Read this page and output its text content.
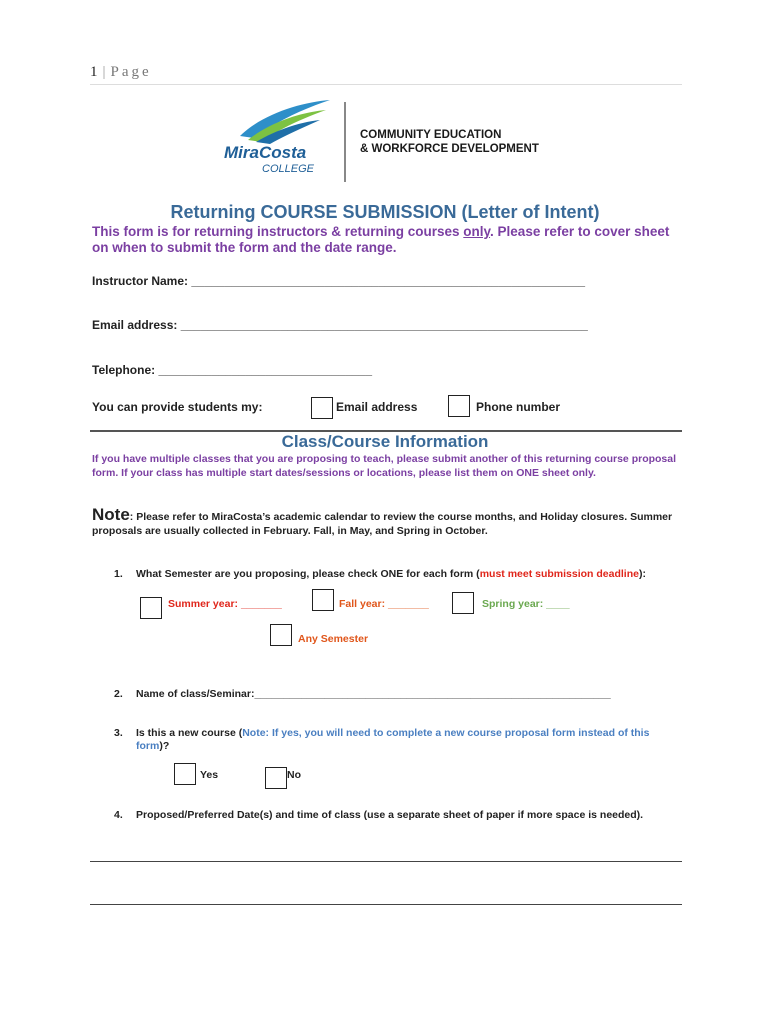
1 | Page
MiraCosta
COLLEGE
COMMUNITY EDUCATION
& WORKFORCE DEVELOPMENT
Returning COURSE SUBMISSION (Letter of Intent)
This form is for returning instructors & returning courses only. Please refer to cover sheet on when to submit the form and the date range.
Instructor Name: ___________________________________________________________
Email address: _____________________________________________________________
Telephone: ________________________________
You can provide students my:	Email address	Phone number
Class/Course Information
If you have multiple classes that you are proposing to teach, please submit another of this returning course proposal form. If your class has multiple start dates/sessions or locations, please list them on ONE sheet only.
Note: Please refer to MiraCosta’s academic calendar to review the course months, and Holiday closures. Summer proposals are usually collected in February. Fall, in May, and Spring in October.
1. What Semester are you proposing, please check ONE for each form (must meet submission deadline):
Summer year: _______	Fall year: _______	Spring year: ____
Any Semester
2. Name of class/Seminar:_____________________________________________________________
3. Is this a new course (Note: If yes, you will need to complete a new course proposal form instead of this form)?
Yes	No
4. Proposed/Preferred Date(s) and time of class (use a separate sheet of paper if more space is needed).
